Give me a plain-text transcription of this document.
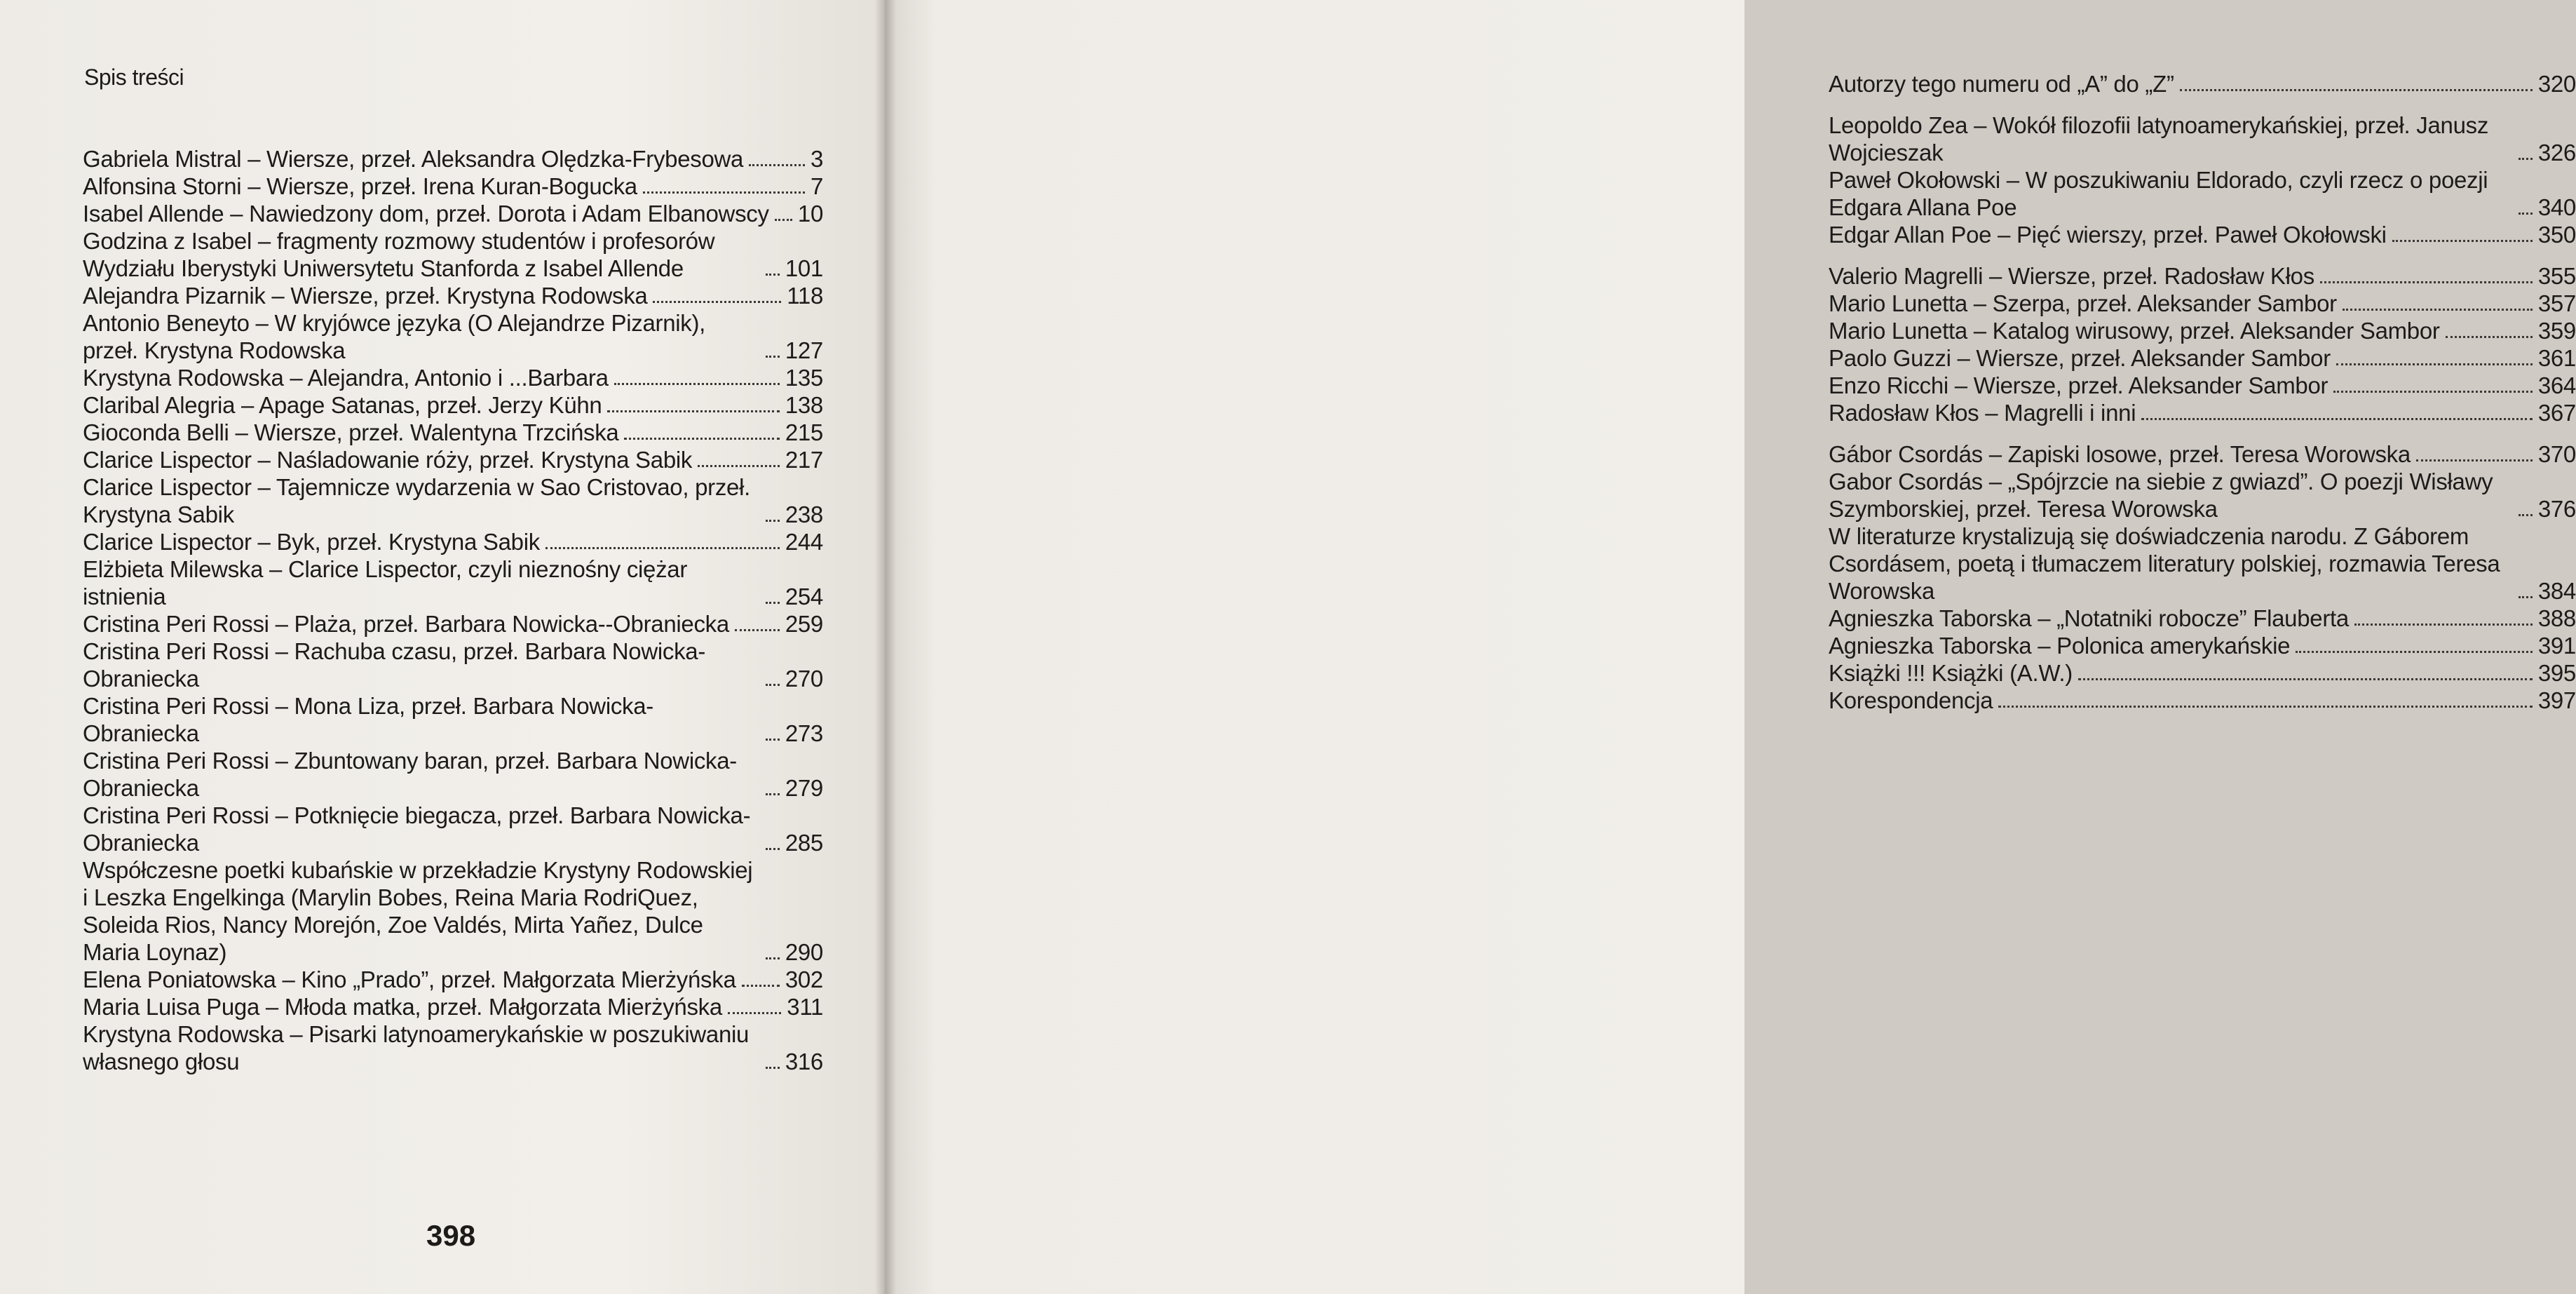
Spis treści
Gabriela Mistral – Wiersze, przeł. Aleksandra Olędzka-Frybesowa	3
Alfonsina Storni – Wiersze, przeł. Irena Kuran-Bogucka	7
Isabel Allende – Nawiedzony dom, przeł. Dorota i Adam Elbanowscy 10
Godzina z Isabel – fragmenty rozmowy studentów i profesorów Wydziału Iberystyki Uniwersytetu Stanforda z Isabel Allende	101
Alejandra Pizarnik – Wiersze, przeł. Krystyna Rodowska	118
Antonio Beneyto – W kryjówce języka (O Alejandrze Pizarnik), przeł. Krystyna Rodowska	127
Krystyna Rodowska – Alejandra, Antonio i ...Barbara	135
Claribal Alegria – Apage Satanas, przeł. Jerzy Kühn	138
Gioconda Belli – Wiersze, przeł. Walentyna Trzcińska	215
Clarice Lispector – Naśladowanie róży, przeł. Krystyna Sabik	217
Clarice Lispector – Tajemnicze wydarzenia w Sao Cristovao, przeł. Krystyna Sabik	238
Clarice Lispector – Byk, przeł. Krystyna Sabik	244
Elżbieta Milewska – Clarice Lispector, czyli nieznośny ciężar istnienia	254
Cristina Peri Rossi – Plaża, przeł. Barbara Nowicka--Obraniecka 259
Cristina Peri Rossi – Rachuba czasu, przeł. Barbara Nowicka-Obraniecka	270
Cristina Peri Rossi – Mona Liza, przeł. Barbara Nowicka-Obraniecka	273
Cristina Peri Rossi – Zbuntowany baran, przeł. Barbara Nowicka-Obraniecka	279
Cristina Peri Rossi – Potknięcie biegacza, przeł. Barbara Nowicka-Obraniecka	285
Współczesne poetki kubańskie w przekładzie Krystyny Rodowskiej i Leszka Engelkinga (Marylin Bobes, Reina Maria RodriQuez, Soleida Rios, Nancy Morejón, Zoe Valdés, Mirta Yañez, Dulce Maria Loynaz)	290
Elena Poniatowska – Kino „Prado”, przeł. Małgorzata Mierżyńska 302
Maria Luisa Puga – Młoda matka, przeł. Małgorzata Mierżyńska	311
Krystyna Rodowska – Pisarki latynoamerykańskie w poszukiwaniu własnego głosu	316
398
Autorzy tego numeru od „A” do „Z”	320
Leopoldo Zea – Wokół filozofii latynoamerykańskiej, przeł. Janusz Wojcieszak	326
Paweł Okołowski – W poszukiwaniu Eldorado, czyli rzecz o poezji Edgara Allana Poe	340
Edgar Allan Poe – Pięć wierszy, przeł. Paweł Okołowski	350
Valerio Magrelli – Wiersze, przeł. Radosław Kłos	355
Mario Lunetta – Szerpa, przeł. Aleksander Sambor	357
Mario Lunetta – Katalog wirusowy, przeł. Aleksander Sambor	359
Paolo Guzzi – Wiersze, przeł. Aleksander Sambor	361
Enzo Ricchi – Wiersze, przeł. Aleksander Sambor	364
Radosław Kłos – Magrelli i inni	367
Gábor Csordás – Zapiski losowe, przeł. Teresa Worowska	370
Gabor Csordás – „Spójrzcie na siebie z gwiazd”. O poezji Wisławy Szymborskiej, przeł. Teresa Worowska	376
W literaturze krystalizują się doświadczenia narodu. Z Gáborem Csordásem, poetą i tłumaczem literatury polskiej, rozmawia Teresa Worowska	384
Agnieszka Taborska – „Notatniki robocze” Flauberta	388
Agnieszka Taborska – Polonica amerykańskie	391
Książki !!! Książki (A.W.)	395
Korespondencja	397
